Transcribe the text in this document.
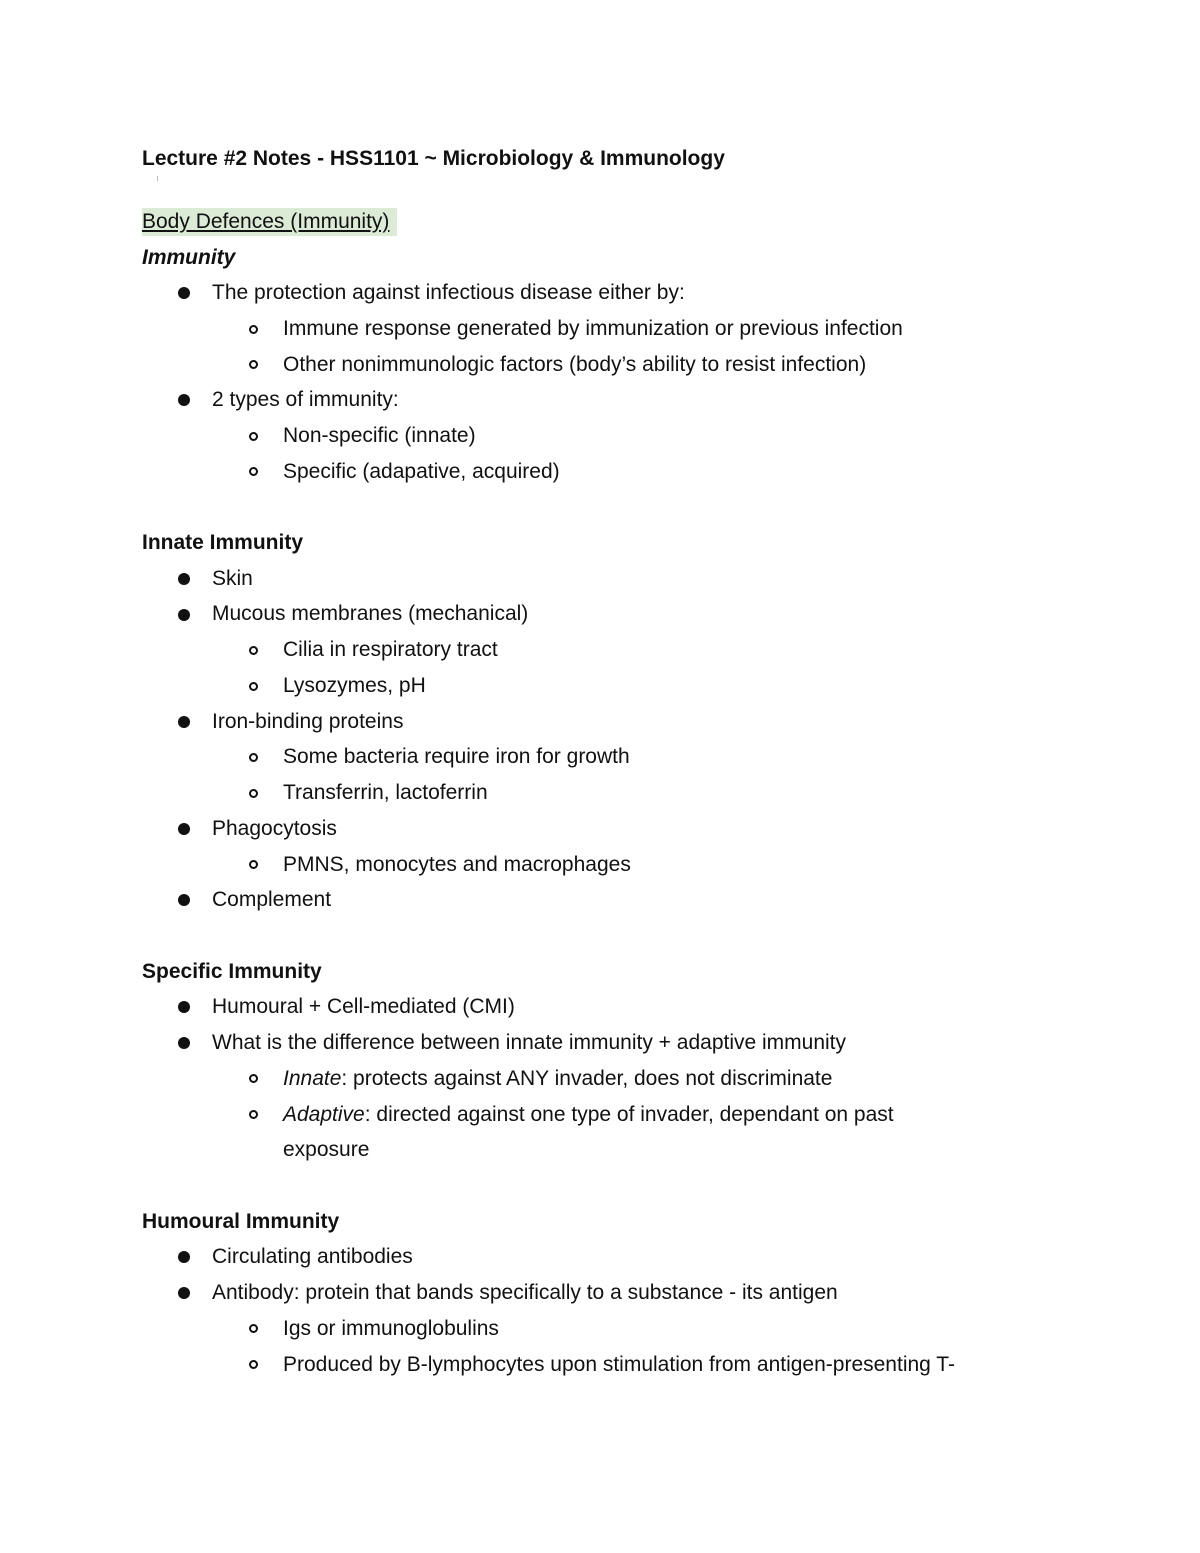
Lecture #2 Notes - HSS1101 ~ Microbiology & Immunology
Body Defences (Immunity)
Immunity
The protection against infectious disease either by:
Immune response generated by immunization or previous infection
Other nonimmunologic factors (body’s ability to resist infection)
2 types of immunity:
Non-specific (innate)
Specific (adapative, acquired)
Innate Immunity
Skin
Mucous membranes (mechanical)
Cilia in respiratory tract
Lysozymes, pH
Iron-binding proteins
Some bacteria require iron for growth
Transferrin, lactoferrin
Phagocytosis
PMNS, monocytes and macrophages
Complement
Specific Immunity
Humoural + Cell-mediated (CMI)
What is the difference between innate immunity + adaptive immunity
Innate: protects against ANY invader, does not discriminate
Adaptive: directed against one type of invader, dependant on past
exposure
Humoural Immunity
Circulating antibodies
Antibody: protein that bands specifically to a substance - its antigen
Igs or immunoglobulins
Produced by B-lymphocytes upon stimulation from antigen-presenting T-
